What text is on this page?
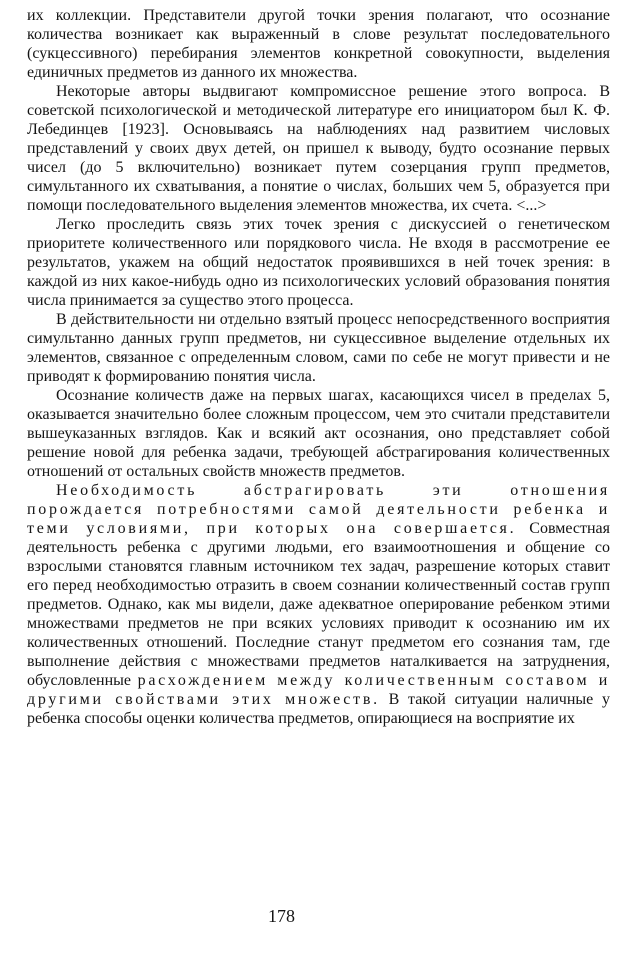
их коллекции. Представители другой точки зрения полагают, что осознание количества возникает как выраженный в слове результат последовательного (сукцессивного) перебирания элементов конкретной совокупности, выделения единичных предметов из данного их множества.

Некоторые авторы выдвигают компромиссное решение этого вопроса. В советской психологической и методической литературе его инициатором был К. Ф. Лебединцев [1923]. Основываясь на наблюдениях над развитием числовых представлений у своих двух детей, он пришел к выводу, будто осознание первых чисел (до 5 включительно) возникает путем созерцания групп предметов, симультанного их схватывания, а понятие о числах, больших чем 5, образуется при помощи последовательного выделения элементов множества, их счета. <...>

Легко проследить связь этих точек зрения с дискуссией о генетическом приоритете количественного или порядкового числа. Не входя в рассмотрение ее результатов, укажем на общий недостаток проявившихся в ней точек зрения: в каждой из них какое-нибудь одно из психологических условий образования понятия числа принимается за существо этого процесса.

В действительности ни отдельно взятый процесс непосредственного восприятия симультанно данных групп предметов, ни сукцессивное выделение отдельных их элементов, связанное с определенным словом, сами по себе не могут привести и не приводят к формированию понятия числа.

Осознание количеств даже на первых шагах, касающихся чисел в пределах 5, оказывается значительно более сложным процессом, чем это считали представители вышеуказанных взглядов. Как и всякий акт осознания, оно представляет собой решение новой для ребенка задачи, требующей абстрагирования количественных отношений от остальных свойств множеств предметов.

Необходимость абстрагировать эти отношения порождается потребностями самой деятельности ребенка и теми условиями, при которых она совершается. Совместная деятельность ребенка с другими людьми, его взаимоотношения и общение со взрослыми становятся главным источником тех задач, разрешение которых ставит его перед необходимостью отразить в своем сознании количественный состав групп предметов. Однако, как мы видели, даже адекватное оперирование ребенком этими множествами предметов не при всяких условиях приводит к осознанию им их количественных отношений. Последние станут предметом его сознания там, где выполнение действия с множествами предметов наталкивается на затруднения, обусловленные расхождением между количественным составом и другими свойствами этих множеств. В такой ситуации наличные у ребенка способы оценки количества предметов, опирающиеся на восприятие их

178
